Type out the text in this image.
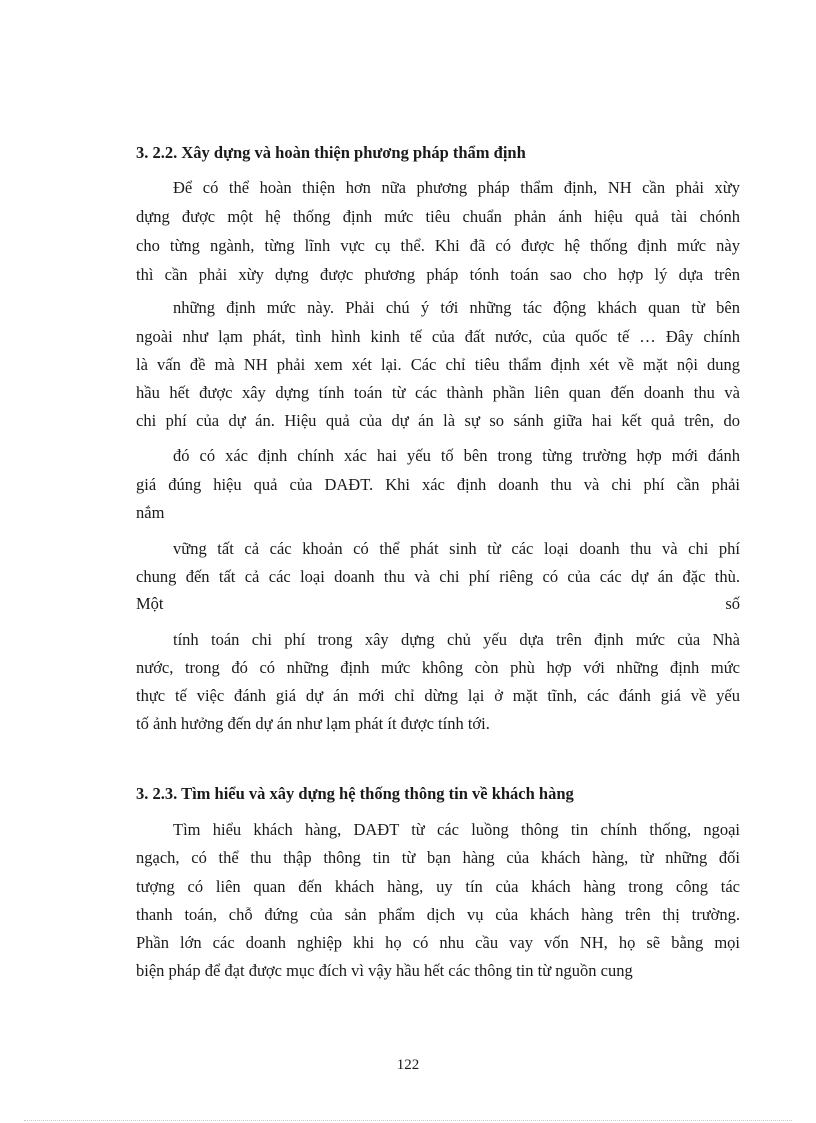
3. 2.2. Xây dựng và hoàn thiện phương pháp thẩm định

Để có thể hoàn thiện hơn nữa phương pháp thẩm định, NH cần phải xừy

dựng được một hệ thống định mức tiêu chuẩn phản ánh hiệu quả tài chónh

cho từng ngành, từng lĩnh vực cụ thể. Khi đã có được hệ thống định mức này

thì cần phải xừy dựng được phương pháp tónh toán sao cho hợp lý dựa trên

những định mức này. Phải chú ý tới những tác động khách quan từ bên

ngoài như lạm phát, tình hình kinh tế của đất nước, của quốc tế … Đây chính

là vấn đề mà NH phải xem xét lại. Các chỉ tiêu thẩm định xét về mặt nội dung

hầu hết được xây dựng tính toán từ các thành phần liên quan đến doanh thu và

chi phí của dự án. Hiệu quả của dự án là sự so sánh giữa hai kết quả trên, do

đó có xác định chính xác hai yếu tố bên trong từng trường hợp mới đánh

giá đúng hiệu quả của DAĐT. Khi xác định doanh thu và chi phí cần phải

nắm

vững tất cả các khoản có thể phát sinh từ các loại doanh thu và chi phí

chung đến tất cả các loại doanh thu và chi phí riêng có của các dự án đặc thù.

Một	số

tính toán chi phí trong xây dựng chủ yếu dựa trên định mức của Nhà

nước, trong đó có những định mức không còn phù hợp với những định mức

thực tế việc đánh giá dự án mới chỉ dừng lại ở mặt tĩnh, các đánh giá về yếu

tố ảnh hưởng đến dự án như lạm phát ít được tính tới.

3. 2.3. Tìm hiểu và xây dựng hệ thống thông tin về khách hàng

Tìm hiểu khách hàng, DAĐT từ các luồng thông tin chính thống, ngoại

ngạch, có thể thu thập thông tin từ bạn hàng của khách hàng, từ những đối

tượng có liên quan đến khách hàng, uy tín của khách hàng trong công tác

thanh toán, chỗ đứng của sản phẩm dịch vụ của khách hàng trên thị trường.

Phần lớn các doanh nghiệp khi họ có nhu cầu vay vốn NH, họ sẽ bằng mọi

biện pháp để đạt được mục đích vì vậy hầu hết các thông tin từ nguồn cung

122
